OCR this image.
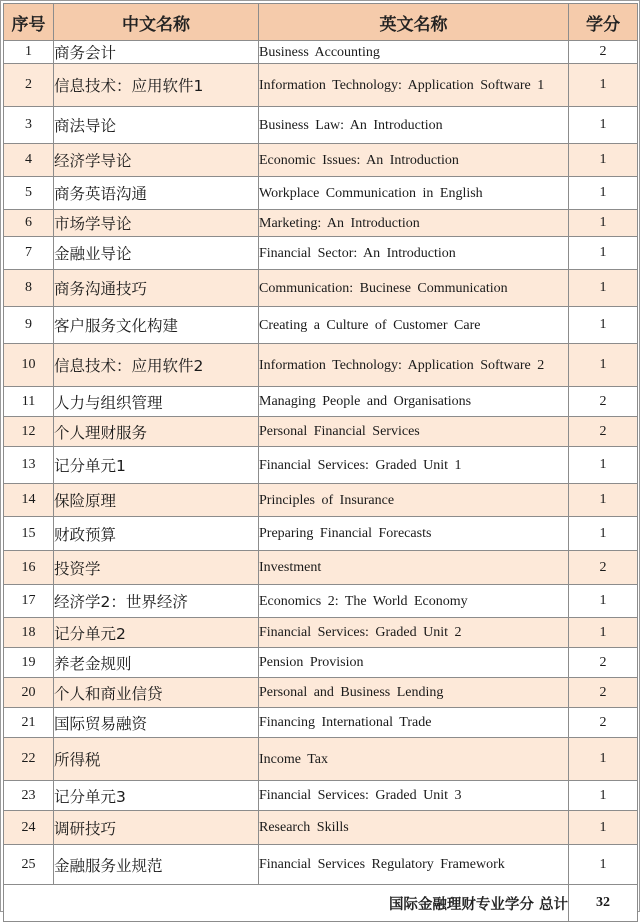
序号	中文名称	英文名称	学分
1	商务会计	Business Accounting	2
2	信息技术：应用软件1	Information Technology: Application Software 1	1
3	商法导论	Business Law: An Introduction	1
4	经济学导论	Economic Issues: An Introduction	1
5	商务英语沟通	Workplace Communication in English	1
6	市场学导论	Marketing: An Introduction	1
7	金融业导论	Financial Sector: An Introduction	1
8	商务沟通技巧	Communication: Bucinese Communication	1
9	客户服务文化构建	Creating a Culture of Customer Care	1
10	信息技术：应用软件2	Information Technology: Application Software 2	1
11	人力与组织管理	Managing People and Organisations	2
12	个人理财服务	Personal Financial Services	2
13	记分单元1	Financial Services: Graded Unit 1	1
14	保险原理	Principles of Insurance	1
15	财政预算	Preparing Financial Forecasts	1
16	投资学	Investment	2
17	经济学2：世界经济	Economics 2: The World Economy	1
18	记分单元2	Financial Services: Graded Unit 2	1
19	养老金规则	Pension Provision	2
20	个人和商业信贷	Personal and Business Lending	2
21	国际贸易融资	Financing International Trade	2
22	所得税	Income Tax	1
23	记分单元3	Financial Services: Graded Unit 3	1
24	调研技巧	Research Skills	1
25	金融服务业规范	Financial Services Regulatory Framework	1
国际金融理财专业学分 总计			32
